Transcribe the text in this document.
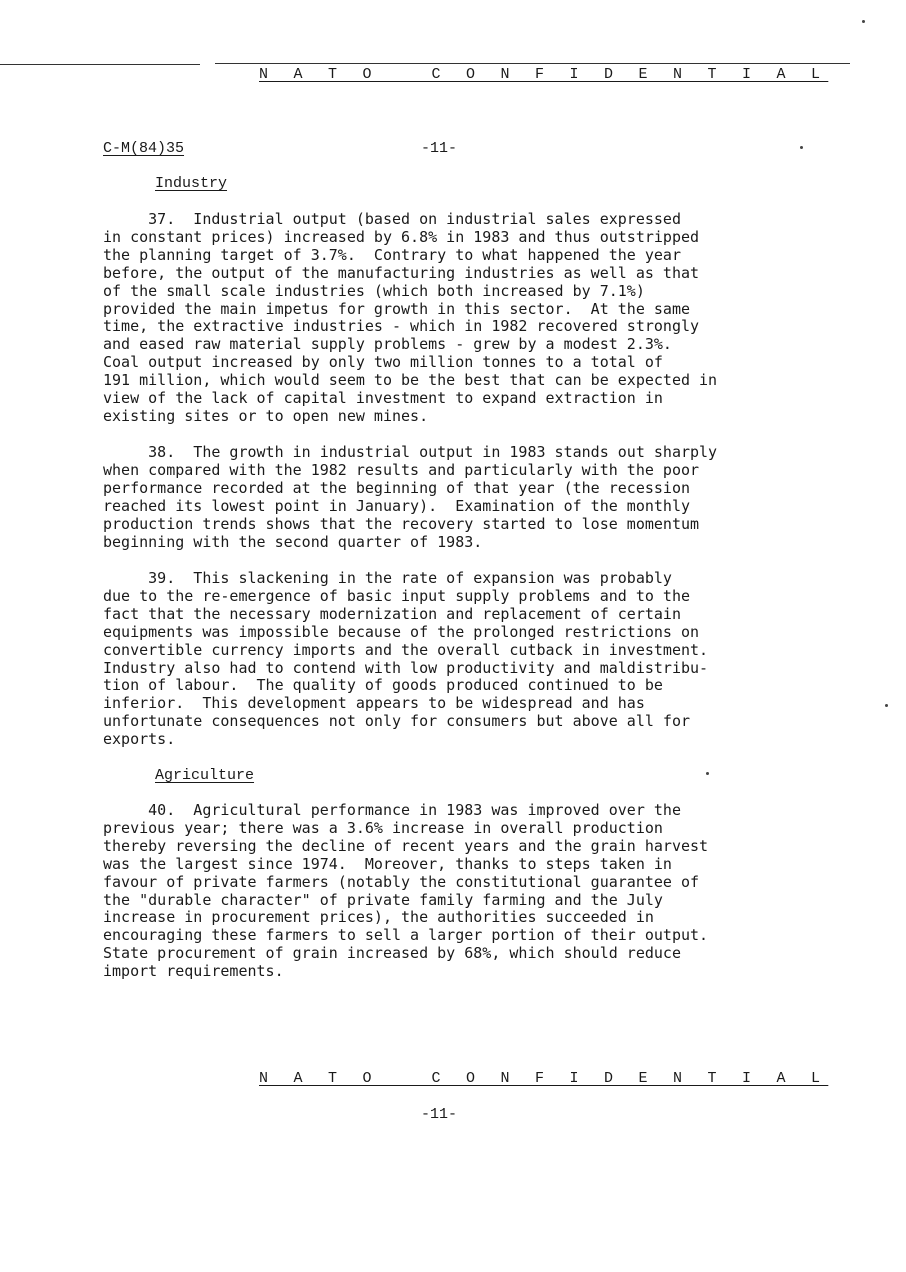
N A T O   C O N F I D E N T I A L
C-M(84)35	-11-
Industry
37.  Industrial output (based on industrial sales expressed
in constant prices) increased by 6.8% in 1983 and thus outstripped
the planning target of 3.7%.  Contrary to what happened the year
before, the output of the manufacturing industries as well as that
of the small scale industries (which both increased by 7.1%)
provided the main impetus for growth in this sector.  At the same
time, the extractive industries - which in 1982 recovered strongly
and eased raw material supply problems - grew by a modest 2.3%.
Coal output increased by only two million tonnes to a total of
191 million, which would seem to be the best that can be expected in
view of the lack of capital investment to expand extraction in
existing sites or to open new mines.
38.  The growth in industrial output in 1983 stands out sharply
when compared with the 1982 results and particularly with the poor
performance recorded at the beginning of that year (the recession
reached its lowest point in January).  Examination of the monthly
production trends shows that the recovery started to lose momentum
beginning with the second quarter of 1983.
39.  This slackening in the rate of expansion was probably
due to the re-emergence of basic input supply problems and to the
fact that the necessary modernization and replacement of certain
equipments was impossible because of the prolonged restrictions on
convertible currency imports and the overall cutback in investment.
Industry also had to contend with low productivity and maldistribu-
tion of labour.  The quality of goods produced continued to be
inferior.  This development appears to be widespread and has
unfortunate consequences not only for consumers but above all for
exports.
Agriculture
40.  Agricultural performance in 1983 was improved over the
previous year; there was a 3.6% increase in overall production
thereby reversing the decline of recent years and the grain harvest
was the largest since 1974.  Moreover, thanks to steps taken in
favour of private farmers (notably the constitutional guarantee of
the "durable character" of private family farming and the July
increase in procurement prices), the authorities succeeded in
encouraging these farmers to sell a larger portion of their output.
State procurement of grain increased by 68%, which should reduce
import requirements.
N A T O   C O N F I D E N T I A L
-11-
